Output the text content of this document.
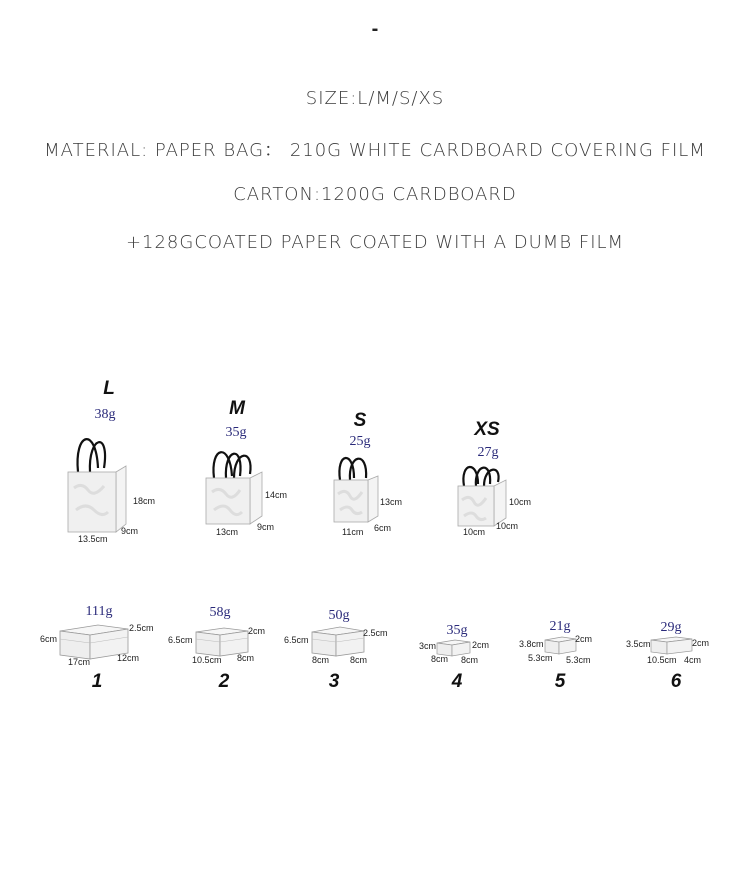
-
SIZE:L/M/S/XS
MATERIAL: PAPER BAG： 210G WHITE CARDBOARD COVERING FILM
CARTON:1200G CARDBOARD
+128GCOATED PAPER COATED WITH A DUMB FILM
L
38g
18cm
9cm
13.5cm
M
35g
14cm
9cm
13cm
S
25g
13cm
6cm
11cm
XS
27g
10cm
10cm
10cm
111g
6cm
2.5cm
17cm	12cm
1
58g
6.5cm
2cm
10.5cm 8cm
2
50g
6.5cm
2.5cm
8cm 8cm
3
35g
3cm	2cm
8cm 8cm
4
21g
3.8cm	2cm
5.3cm 5.3cm
5
29g
3.5cm	2cm
10.5cm 4cm
6
